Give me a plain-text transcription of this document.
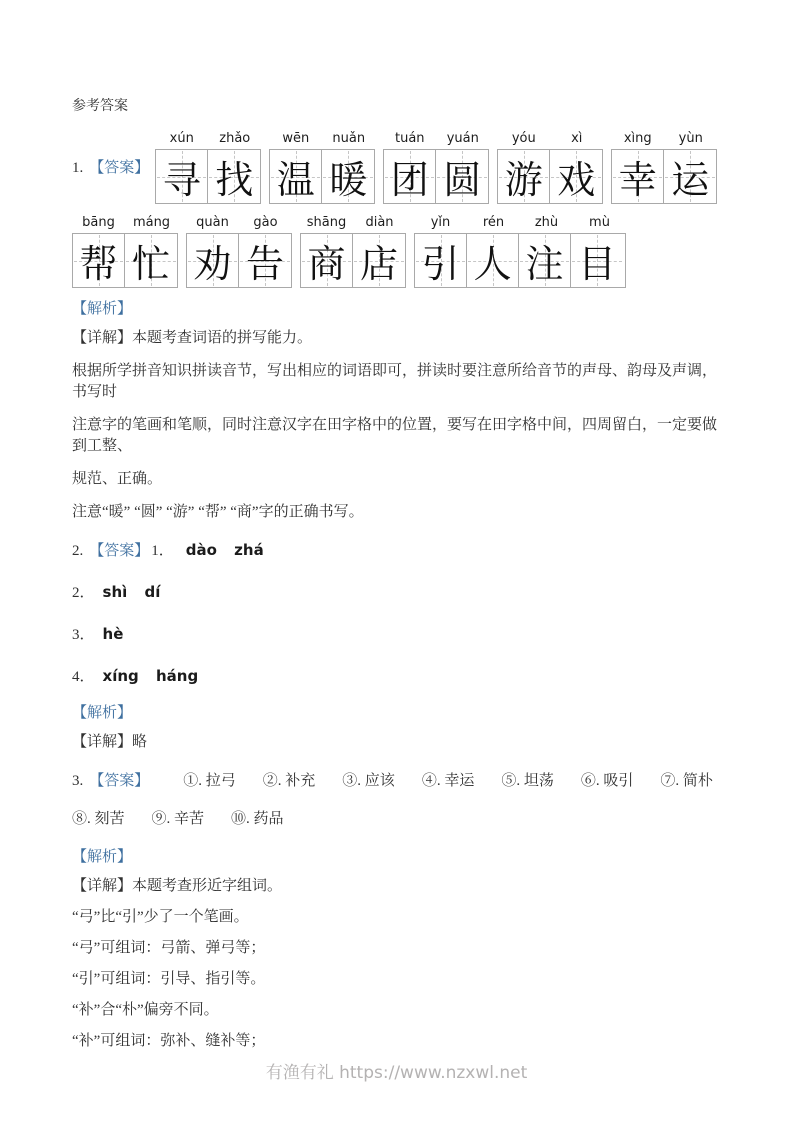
参考答案

1. 【答案】
xún	zhǎo
寻 找
wēn	nuǎn
温 暖
tuán	yuán
团 圆
yóu	xì
游 戏
xìng	yùn
幸 运
bāng	máng
帮 忙
quàn	gào
劝 告
shāng	diàn
商 店
yǐn	rén	zhù	mù
引 人 注 目
【解析】

【详解】本题考查词语的拼写能力。

根据所学拼音知识拼读音节，写出相应的词语即可，拼读时要注意所给音节的声母、韵母及声调，书写时

注意字的笔画和笔顺，同时注意汉字在田字格中的位置，要写在田字格中间，四周留白，一定要做到工整、

规范、正确。

注意“暖” “圆” “游” “帮” “商”字的正确书写。

2. 【答案】 1． dào zhá
2． shì dí
3． hè
4． xíng háng
【解析】

【详解】略

3. 【答案】 ①. 拉弓 ②. 补充 ③. 应该 ④. 幸运 ⑤. 坦荡 ⑥. 吸引 ⑦. 简朴
⑧. 刻苦 ⑨. 辛苦 ⑩. 药品
【解析】

【详解】本题考查形近字组词。

“弓”比“引”少了一个笔画。

“弓”可组词：弓箭、弹弓等；

“引”可组词：引导、指引等。

“补”合“朴”偏旁不同。

“补”可组词：弥补、缝补等；

有渔有礼 https://www.nzxwl.net
